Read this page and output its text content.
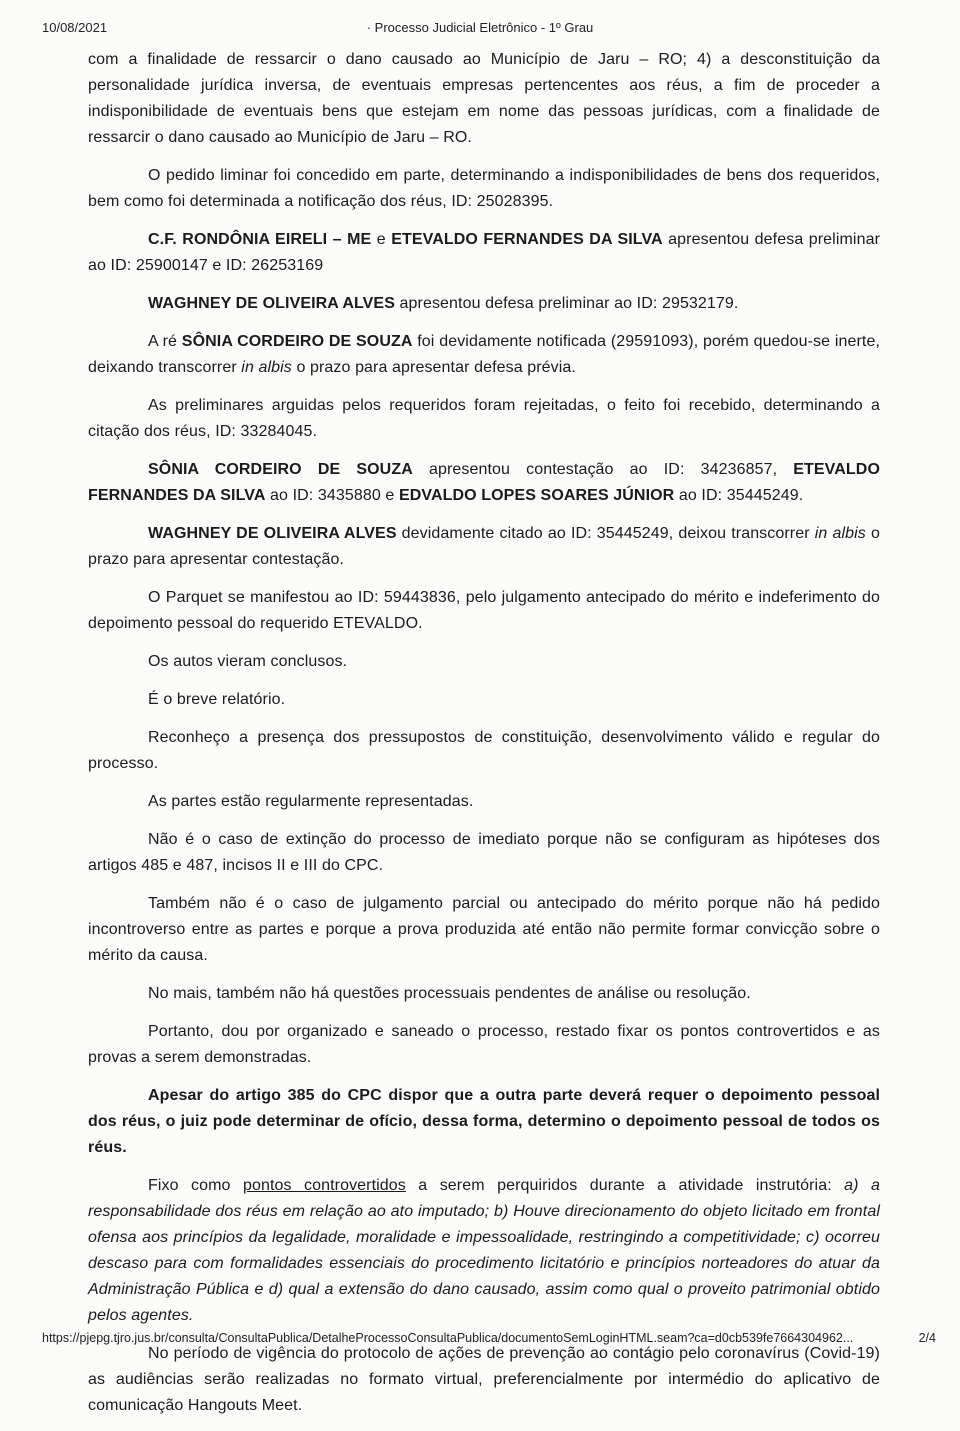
10/08/2021	· Processo Judicial Eletrônico - 1º Grau

com a finalidade de ressarcir o dano causado ao Município de Jaru – RO; 4) a desconstituição da personalidade jurídica inversa, de eventuais empresas pertencentes aos réus, a fim de proceder a indisponibilidade de eventuais bens que estejam em nome das pessoas jurídicas, com a finalidade de ressarcir o dano causado ao Município de Jaru – RO.

O pedido liminar foi concedido em parte, determinando a indisponibilidades de bens dos requeridos, bem como foi determinada a notificação dos réus, ID: 25028395.

C.F. RONDÔNIA EIRELI – ME e ETEVALDO FERNANDES DA SILVA apresentou defesa preliminar ao ID: 25900147 e ID: 26253169

WAGHNEY DE OLIVEIRA ALVES apresentou defesa preliminar ao ID: 29532179.

A ré SÔNIA CORDEIRO DE SOUZA foi devidamente notificada (29591093), porém quedou-se inerte, deixando transcorrer in albis o prazo para apresentar defesa prévia.

As preliminares arguidas pelos requeridos foram rejeitadas, o feito foi recebido, determinando a citação dos réus, ID: 33284045.

SÔNIA CORDEIRO DE SOUZA apresentou contestação ao ID: 34236857, ETEVALDO FERNANDES DA SILVA ao ID: 3435880 e EDVALDO LOPES SOARES JÚNIOR ao ID: 35445249.

WAGHNEY DE OLIVEIRA ALVES devidamente citado ao ID: 35445249, deixou transcorrer in albis o prazo para apresentar contestação.

O Parquet se manifestou ao ID: 59443836, pelo julgamento antecipado do mérito e indeferimento do depoimento pessoal do requerido ETEVALDO.

Os autos vieram conclusos.

É o breve relatório.

Reconheço a presença dos pressupostos de constituição, desenvolvimento válido e regular do processo.

As partes estão regularmente representadas.

Não é o caso de extinção do processo de imediato porque não se configuram as hipóteses dos artigos 485 e 487, incisos II e III do CPC.

Também não é o caso de julgamento parcial ou antecipado do mérito porque não há pedido incontroverso entre as partes e porque a prova produzida até então não permite formar convicção sobre o mérito da causa.

No mais, também não há questões processuais pendentes de análise ou resolução.

Portanto, dou por organizado e saneado o processo, restado fixar os pontos controvertidos e as provas a serem demonstradas.

Apesar do artigo 385 do CPC dispor que a outra parte deverá requer o depoimento pessoal dos réus, o juiz pode determinar de ofício, dessa forma, determino o depoimento pessoal de todos os réus.

Fixo como pontos controvertidos a serem perquiridos durante a atividade instrutória: a) a responsabilidade dos réus em relação ao ato imputado; b) Houve direcionamento do objeto licitado em frontal ofensa aos princípios da legalidade, moralidade e impessoalidade, restringindo a competitividade; c) ocorreu descaso para com formalidades essenciais do procedimento licitatório e princípios norteadores do atuar da Administração Pública e d) qual a extensão do dano causado, assim como qual o proveito patrimonial obtido pelos agentes.

No período de vigência do protocolo de ações de prevenção ao contágio pelo coronavírus (Covid-19) as audiências serão realizadas no formato virtual, preferencialmente por intermédio do aplicativo de comunicação Hangouts Meet.

https://pjepg.tjro.jus.br/consulta/ConsultaPublica/DetalheProcessoConsultaPublica/documentoSemLoginHTML.seam?ca=d0cb539fe7664304962...	2/4
